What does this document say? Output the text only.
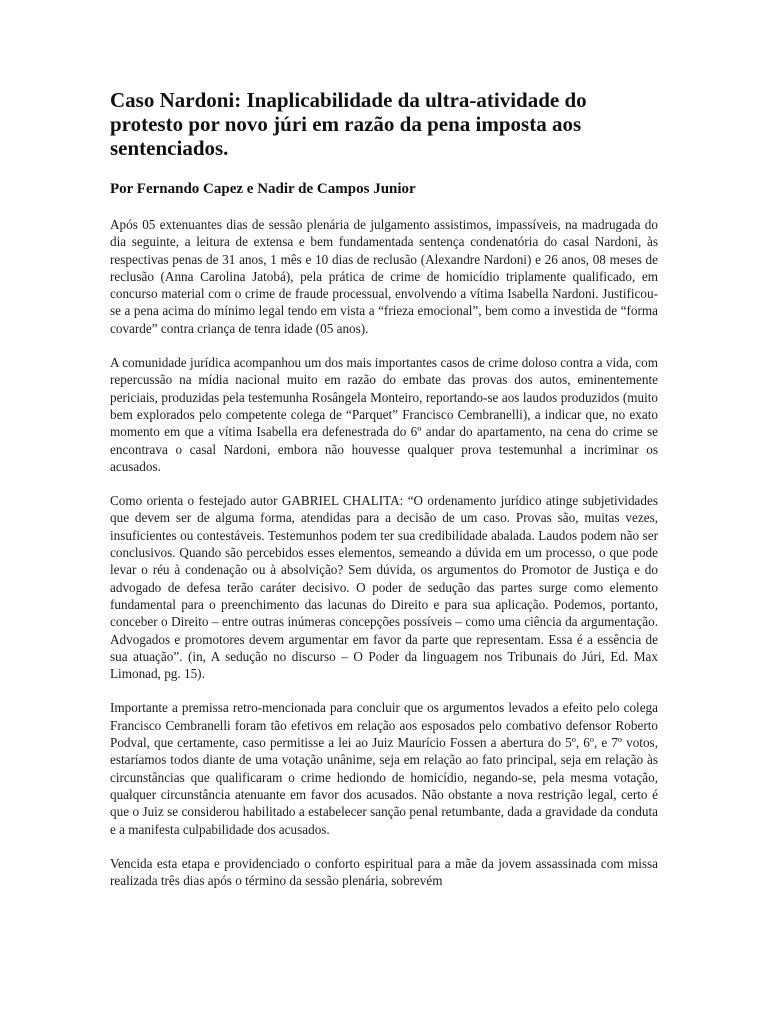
Caso Nardoni: Inaplicabilidade da ultra-atividade do protesto por novo júri em razão da pena imposta aos sentenciados.
Por Fernando Capez e Nadir de Campos Junior

Após 05 extenuantes dias de sessão plenária de julgamento assistimos, impassíveis, na madrugada do dia seguinte, a leitura de extensa e bem fundamentada sentença condenatória do casal Nardoni, às respectivas penas de 31 anos, 1 mês e 10 dias de reclusão (Alexandre Nardoni) e 26 anos, 08 meses de reclusão (Anna Carolina Jatobá), pela prática de crime de homicídio triplamente qualificado, em concurso material com o crime de fraude processual, envolvendo a vítima Isabella Nardoni. Justificou-se a pena acima do mínimo legal tendo em vista a “frieza emocional”, bem como a investida de “forma covarde” contra criança de tenra idade (05 anos).

A comunidade jurídica acompanhou um dos mais importantes casos de crime doloso contra a vida, com repercussão na mídia nacional muito em razão do embate das provas dos autos, eminentemente periciais, produzidas pela testemunha Rosângela Monteiro, reportando-se aos laudos produzidos (muito bem explorados pelo competente colega de “Parquet” Francisco Cembranelli), a indicar que, no exato momento em que a vítima Isabella era defenestrada do 6º andar do apartamento, na cena do crime se encontrava o casal Nardoni, embora não houvesse qualquer prova testemunhal a incriminar os acusados.

Como orienta o festejado autor GABRIEL CHALITA: “O ordenamento jurídico atinge subjetividades que devem ser de alguma forma, atendidas para a decisão de um caso. Provas são, muitas vezes, insuficientes ou contestáveis. Testemunhos podem ter sua credibilidade abalada. Laudos podem não ser conclusivos. Quando são percebidos esses elementos, semeando a dúvida em um processo, o que pode levar o réu à condenação ou à absolvição? Sem dúvida, os argumentos do Promotor de Justiça e do advogado de defesa terão caráter decisivo. O poder de sedução das partes surge como elemento fundamental para o preenchimento das lacunas do Direito e para sua aplicação. Podemos, portanto, conceber o Direito – entre outras inúmeras concepções possíveis – como uma ciência da argumentação. Advogados e promotores devem argumentar em favor da parte que representam. Essa é a essência de sua atuação”. (in, A sedução no discurso – O Poder da linguagem nos Tribunais do Júri, Ed. Max Limonad, pg. 15).

Importante a premissa retro-mencionada para concluir que os argumentos levados a efeito pelo colega Francisco Cembranelli foram tão efetivos em relação aos esposados pelo combativo defensor Roberto Podval, que certamente, caso permitisse a lei ao Juiz Maurício Fossen a abertura do 5º, 6º, e 7º votos, estaríamos todos diante de uma votação unânime, seja em relação ao fato principal, seja em relação às circunstâncias que qualificaram o crime hediondo de homicídio, negando-se, pela mesma votação, qualquer circunstância atenuante em favor dos acusados. Não obstante a nova restrição legal, certo é que o Juiz se considerou habilitado a estabelecer sanção penal retumbante, dada a gravidade da conduta e a manifesta culpabilidade dos acusados.

Vencida esta etapa e providenciado o conforto espiritual para a mãe da jovem assassinada com missa realizada três dias após o término da sessão plenária, sobrevém
